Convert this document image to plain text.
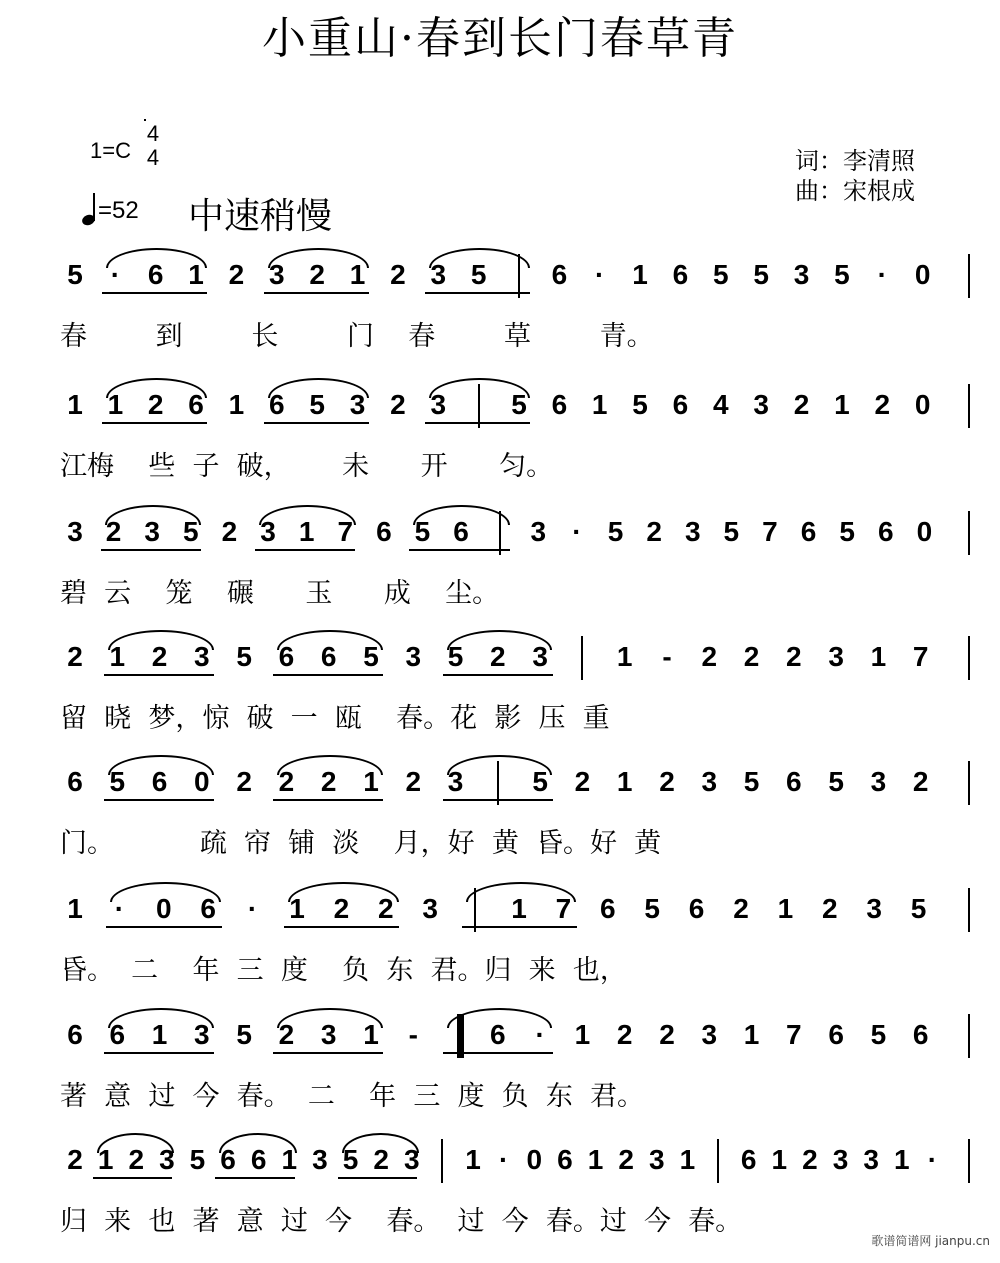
小重山·春到长门春草青
1=C
4
4
=52 中速稍慢
词：李清照
曲：宋根成
5 · 6 1 2 3 2 1 2 3 5 6 · 1 6 5 5 3 5 · 0
春        到        长        门    春        草        青。
1 1 2 6 1 6 5 3 2 3 5 6 1 5 6 4 3 2 1 2 0
江梅    些  子  破，      未      开      匀。
3 2 3 5 2 3 1 7 6 5 6 3 · 5 2 3 5 7 6 5 6 0
碧  云    笼    碾      玉      成    尘。
2 1 2 3 5 6 6 5 3 5 2 3 1 - 2 2 2 3 1 7
留  晓  梦，惊  破  一  瓯    春。花  影  压  重
6 5 6 0 2 2 2 1 2 3 5 2 1 2 3 5 6 5 3 2
门。          疏  帘  铺  淡    月，好  黄  昏。好  黄
1 · 0 6 · 1 2 2 3	1 7 6 5 6 2 1 2 3 5
昏。  二    年  三  度    负  东  君。归  来  也，
6 6 1 3 5 2 3 1 -	6 · 1 2 2 3 1 7 6 5 6
著  意  过  今  春。  二    年  三  度  负  东  君。
2 1 2 3 5 6 6 1 3 5 2 3 1 · 0 6 1 2 3 1 6 1 2 3 3 1 ·
归  来  也  著  意  过  今    春。  过  今  春。过  今  春。
歌谱简谱网 jianpu.cn
